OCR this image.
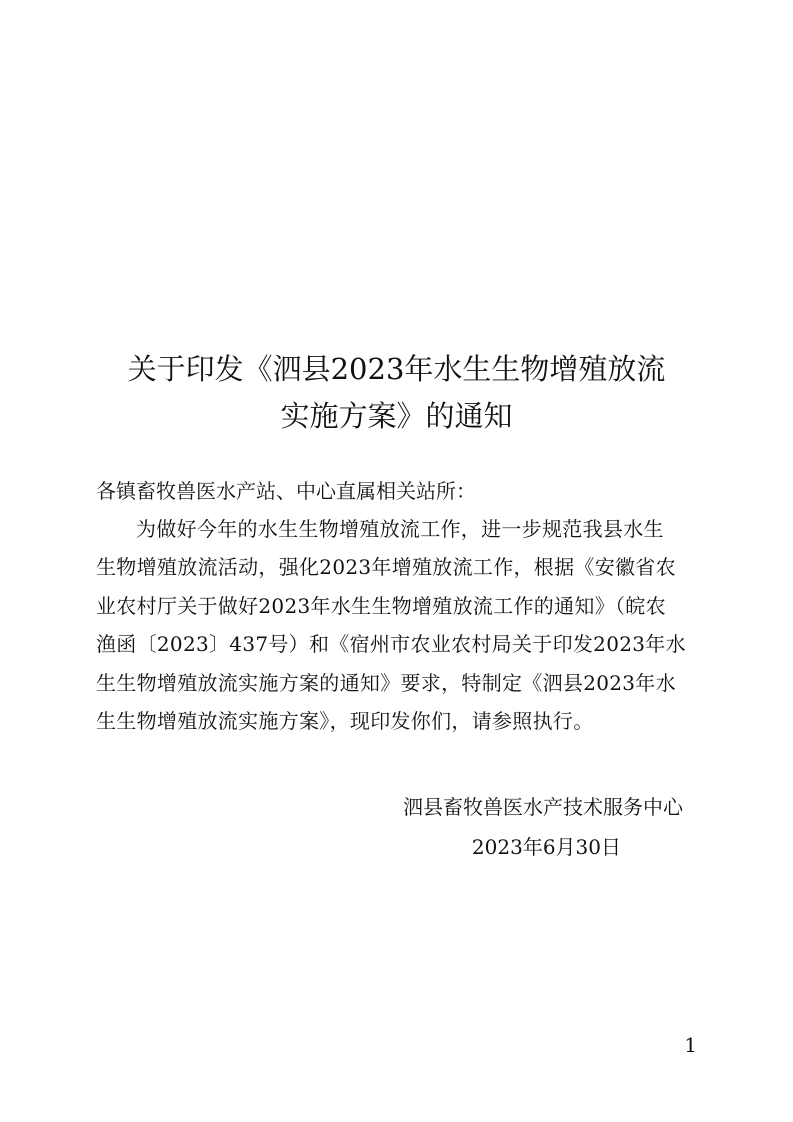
关于印发《泗县2023年水生生物增殖放流
实施方案》的通知
各镇畜牧兽医水产站、中心直属相关站所：
为做好今年的水生生物增殖放流工作，进一步规范我县水生
生物增殖放流活动，强化2023年增殖放流工作，根据《安徽省农
业农村厅关于做好2023年水生生物增殖放流工作的通知》（皖农
渔函〔2023〕437号）和《宿州市农业农村局关于印发2023年水
生生物增殖放流实施方案的通知》要求，特制定《泗县2023年水
生生物增殖放流实施方案》，现印发你们，请参照执行。
泗县畜牧兽医水产技术服务中心
2023年6月30日
1
